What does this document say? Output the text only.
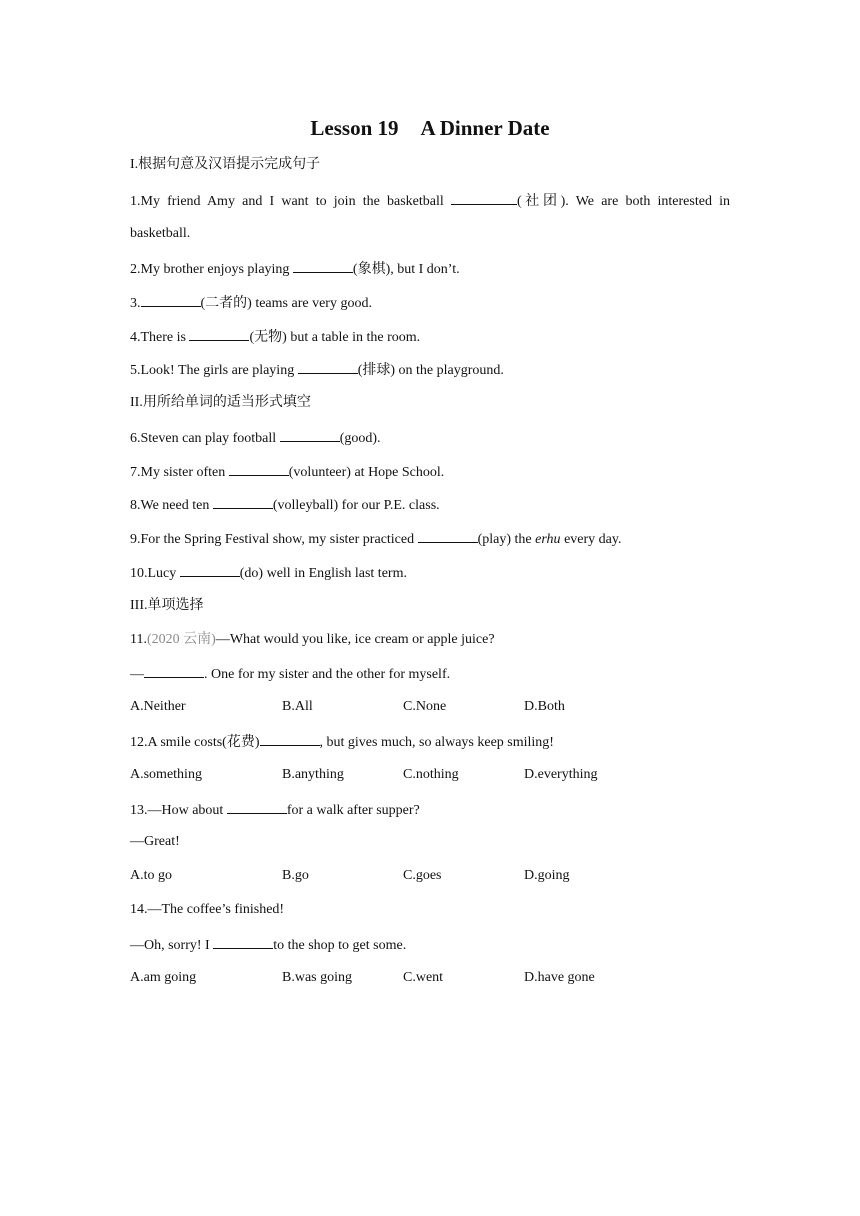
Lesson 19 A Dinner Date
I.根据句意及汉语提示完成句子
1.My friend Amy and I want to join the basketball	(社团). We are both interested in
basketball.
2.My brother enjoys playing	(象棋), but I don’t.
3.	(二者的) teams are very good.
4.There is	(无物) but a table in the room.
5.Look! The girls are playing	(排球) on the playground.
II.用所给单词的适当形式填空
6.Steven can play football	(good).
7.My sister often	(volunteer) at Hope School.
8.We need ten	(volleyball) for our P.E. class.
9.For the Spring Festival show, my sister practiced	(play) the erhu every day.
10.Lucy	(do) well in English last term.
III.单项选择
11.(2020 云南)—What would you like, ice cream or apple juice?
—	. One for my sister and the other for myself.
A.Neither	B.All	C.None	D.Both
12.A smile costs(花费)	, but gives much, so always keep smiling!
A.something	B.anything	C.nothing	D.everything
13.—How about	for a walk after supper?
—Great!
A.to go	B.go	C.goes	D.going
14.—The coffee’s finished!
—Oh, sorry! I	to the shop to get some.
A.am going	B.was going	C.went	D.have gone
